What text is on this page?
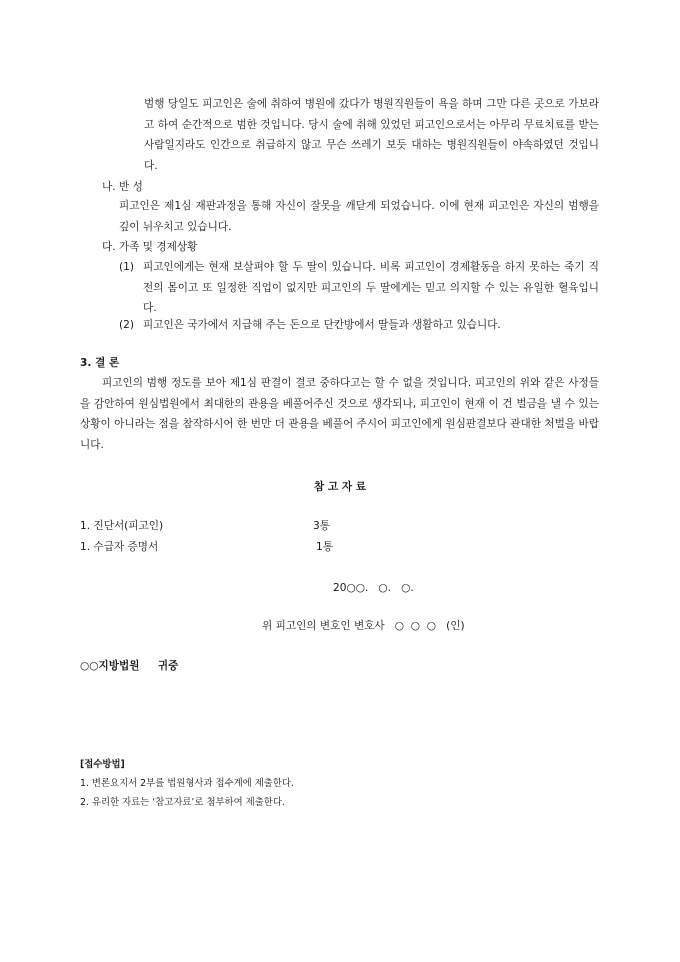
범행 당일도 피고인은 술에 취하여 병원에 갔다가 병원직원들이 욕을 하며 그만 다른 곳으로 가보라고 하여 순간적으로 범한 것입니다. 당시 술에 취해 있었던 피고인으로서는 아무리 무료치료를 받는 사람일지라도 인간으로 취급하지 않고 무슨 쓰레기 보듯 대하는 병원직원들이 야속하였던 것입니다.

나. 반 성

피고인은 제1심 재판과정을 통해 자신이 잘못을 깨닫게 되었습니다. 이에 현재 피고인은 자신의 범행을 깊이 뉘우치고 있습니다.

다. 가족 및 경제상황
(1) 피고인에게는 현재 보살펴야 할 두 딸이 있습니다. 비록 피고인이 경제활동을 하지 못하는 죽기 직전의 몸이고 또 일정한 직업이 없지만 피고인의 두 딸에게는 믿고 의지할 수 있는 유일한 혈육입니다.

(2) 피고인은 국가에서 지급해 주는 돈으로 단칸방에서 딸들과 생활하고 있습니다.

3. 결 론

피고인의 범행 정도를 보아 제1심 판결이 결코 중하다고는 할 수 없을 것입니다. 피고인의 위와 같은 사정들을 감안하여 원심법원에서 최대한의 관용을 베풀어주신 것으로 생각되나, 피고인이 현재 이 건 벌금을 낼 수 있는 상황이 아니라는 점을 참작하시어 한 번만 더 관용을 베풀어 주시어 피고인에게 원심판결보다 관대한 처벌을 바랍니다.

참 고 자 료
1. 진단서(피고인)	3통
1. 수급자 증명서	1통
20○○.   ○.   ○.
위 피고인의 변호인 변호사   ○  ○  ○   (인)
○○지방법원     귀중
[접수방법]
1. 변론요지서 2부를 법원형사과 접수계에 제출한다.
2. 유리한 자료는 ‘참고자료’로 첨부하여 제출한다.
